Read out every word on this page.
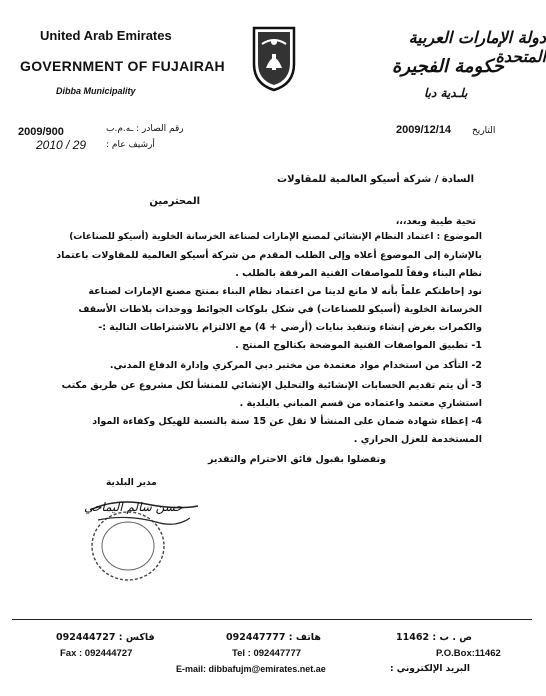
United Arab Emirates
GOVERNMENT OF FUJAIRAH
Dibba Municipality
دولة الإمارات العربية المتحدة
حكومة الفجيرة
بلـدية دبا
رقم الصادر : ـه.م.ب
2009/900
أرشيف عام :
2010 / 29
التاريخ
2009/12/14
السادة / شركة أسيكو العالمية للمقاولات
المحترمين
تحية طيبة وبعد،،،
الموضوع : اعتماد النظام الإنشائي لمصنع الإمارات لصناعة الخرسانة الخلوية (أسيكو للصناعات)
بالإشارة إلى الموضوع أعلاه وإلى الطلب المقدم من شركة أسيكو العالمية للمقاولات باعتماد
نظام البناء وفقاً للمواصفات الفنية المرفقة بالطلب .
نود إحاطتكم علماً بأنه لا مانع لدينا من اعتماد نظام البناء بمنتج مصنع الإمارات لصناعة
الخرسانة الخلوية (أسيكو للصناعات) في شكل بلوكات الجوائط ووحدات بلاطات الأسقف
والكمرات بغرض إنشاء وتنفيذ بنايات (أرضي + 4) مع الالتزام بالاشتراطات التالية :-
1- تطبيق المواصفات الفنية الموضحة بكتالوج المنتج .
2- التأكد من استخدام مواد معتمدة من مختبر دبي المركزي وإدارة الدفاع المدني.
3- أن يتم تقديم الحسابات الإنشائية والتحليل الإنشائي للمنشأ لكل مشروع عن طريق مكتب
استشاري معتمد واعتماده من قسم المباني بالبلدية .
4- إعطاء شهادة ضمان على المنشأ لا تقل عن 15 سنة بالنسبة للهيكل وكفاءة المواد
المستخدمة للعزل الحراري .
وتفضلوا بقبول فائق الاحترام والتقدير
مدير البلدية
حسن سالم اليماحي
فاكس : 092444727
Fax : 092444727
هاتف : 092447777
Tel : 092447777
ص . ب : 11462
P.O.Box:11462
E-mail: dibbafujm@emirates.net.ae	البريد الإلكتروني :
